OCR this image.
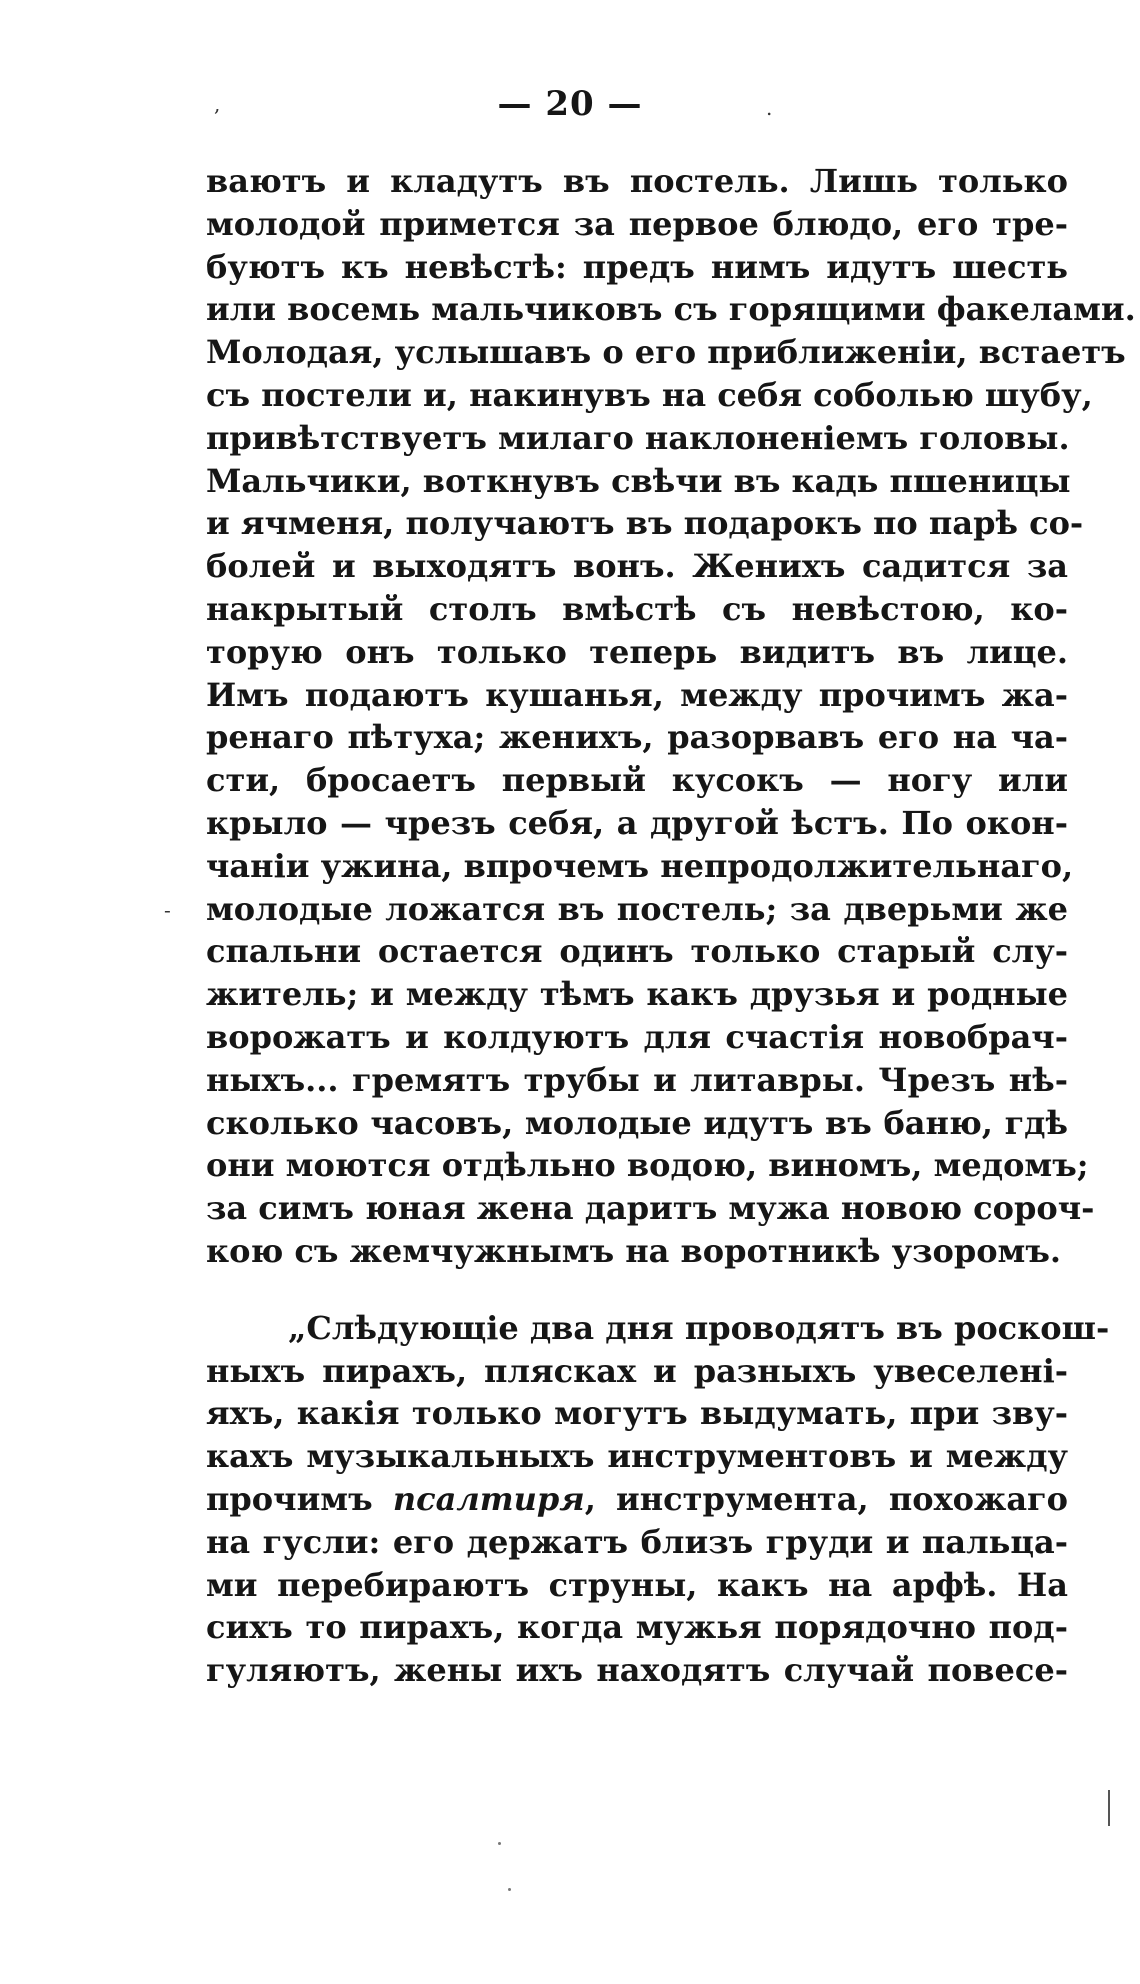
— 20 —
,	.
-
ваютъ и кладутъ въ постель. Лишь только
молодой примется за первое блюдо, его тре-
буютъ къ невѣстѣ: предъ нимъ идутъ шесть
или восемь мальчиковъ съ горящими факелами.
Молодая, услышавъ о его приближенiи, встаетъ
съ постели и, накинувъ на себя соболью шубу,
привѣтствуетъ милаго наклоненiемъ головы.
Мальчики, воткнувъ свѣчи въ кадь пшеницы
и ячменя, получаютъ въ подарокъ по парѣ со-
болей и выходятъ вонъ. Женихъ садится за
накрытый столъ вмѣстѣ съ невѣстою, ко-
торую онъ только теперь видитъ въ лице.
Имъ подаютъ кушанья, между прочимъ жа-
ренаго пѣтуха; женихъ, разорвавъ его на ча-
сти, бросаетъ первый кусокъ — ногу или
крыло — чрезъ себя, а другой ѣстъ. По окон-
чанiи ужина, впрочемъ непродолжительнаго,
молодые ложатся въ постель; за дверьми же
спальни остается одинъ только старый слу-
житель; и между тѣмъ какъ друзья и родные
ворожатъ и колдуютъ для счастiя новобрач-
ныхъ... гремятъ трубы и литавры. Чрезъ нѣ-
сколько часовъ, молодые идутъ въ баню, гдѣ
они моются отдѣльно водою, виномъ, медомъ;
за симъ юная жена даритъ мужа новою сороч-
кою съ жемчужнымъ на воротникѣ узоромъ.
„Слѣдующiе два дня проводятъ въ роскош-
ныхъ пирахъ, плясках и разныхъ увеселенi-
яхъ, какiя только могутъ выдумать, при зву-
кахъ музыкальныхъ инструментовъ и между
прочимъ псалтиря, инструмента, похожаго
на гусли: его держатъ близъ груди и пальца-
ми перебираютъ струны, какъ на арфѣ. На
сихъ то пирахъ, когда мужья порядочно под-
гуляютъ, жены ихъ находятъ случай повесе-
